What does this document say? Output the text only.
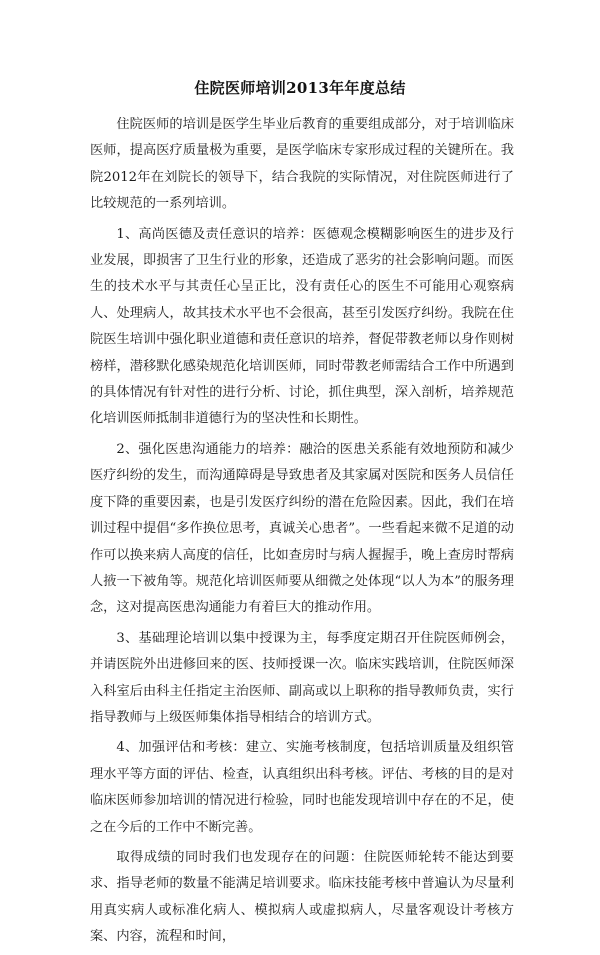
住院医师培训2013年年度总结

住院医师的培训是医学生毕业后教育的重要组成部分，对于培训临床医师，提高医疗质量极为重要，是医学临床专家形成过程的关键所在。我院2012年在刘院长的领导下，结合我院的实际情况，对住院医师进行了比较规范的一系列培训。

1、高尚医德及责任意识的培养：医德观念模糊影响医生的进步及行业发展，即损害了卫生行业的形象，还造成了恶劣的社会影响问题。而医生的技术水平与其责任心呈正比，没有责任心的医生不可能用心观察病人、处理病人，故其技术水平也不会很高，甚至引发医疗纠纷。我院在住院医生培训中强化职业道德和责任意识的培养，督促带教老师以身作则树榜样，潜移默化感染规范化培训医师，同时带教老师需结合工作中所遇到的具体情况有针对性的进行分析、讨论，抓住典型，深入剖析，培养规范化培训医师抵制非道德行为的坚决性和长期性。

2、强化医患沟通能力的培养：融洽的医患关系能有效地预防和减少医疗纠纷的发生，而沟通障碍是导致患者及其家属对医院和医务人员信任度下降的重要因素，也是引发医疗纠纷的潜在危险因素。因此，我们在培训过程中提倡“多作换位思考，真诚关心患者”。一些看起来微不足道的动作可以换来病人高度的信任，比如查房时与病人握握手，晚上查房时帮病人掖一下被角等。规范化培训医师要从细微之处体现“以人为本”的服务理念，这对提高医患沟通能力有着巨大的推动作用。

3、基础理论培训以集中授课为主，每季度定期召开住院医师例会，并请医院外出进修回来的医、技师授课一次。临床实践培训，住院医师深入科室后由科主任指定主治医师、副高或以上职称的指导教师负责，实行指导教师与上级医师集体指导相结合的培训方式。

4、加强评估和考核：建立、实施考核制度，包括培训质量及组织管理水平等方面的评估、检查，认真组织出科考核。评估、考核的目的是对临床医师参加培训的情况进行检验，同时也能发现培训中存在的不足，使之在今后的工作中不断完善。

取得成绩的同时我们也发现存在的问题：住院医师轮转不能达到要求、指导老师的数量不能满足培训要求。临床技能考核中普遍认为尽量利用真实病人或标准化病人、模拟病人或虚拟病人，尽量客观设计考核方案、内容，流程和时间，
